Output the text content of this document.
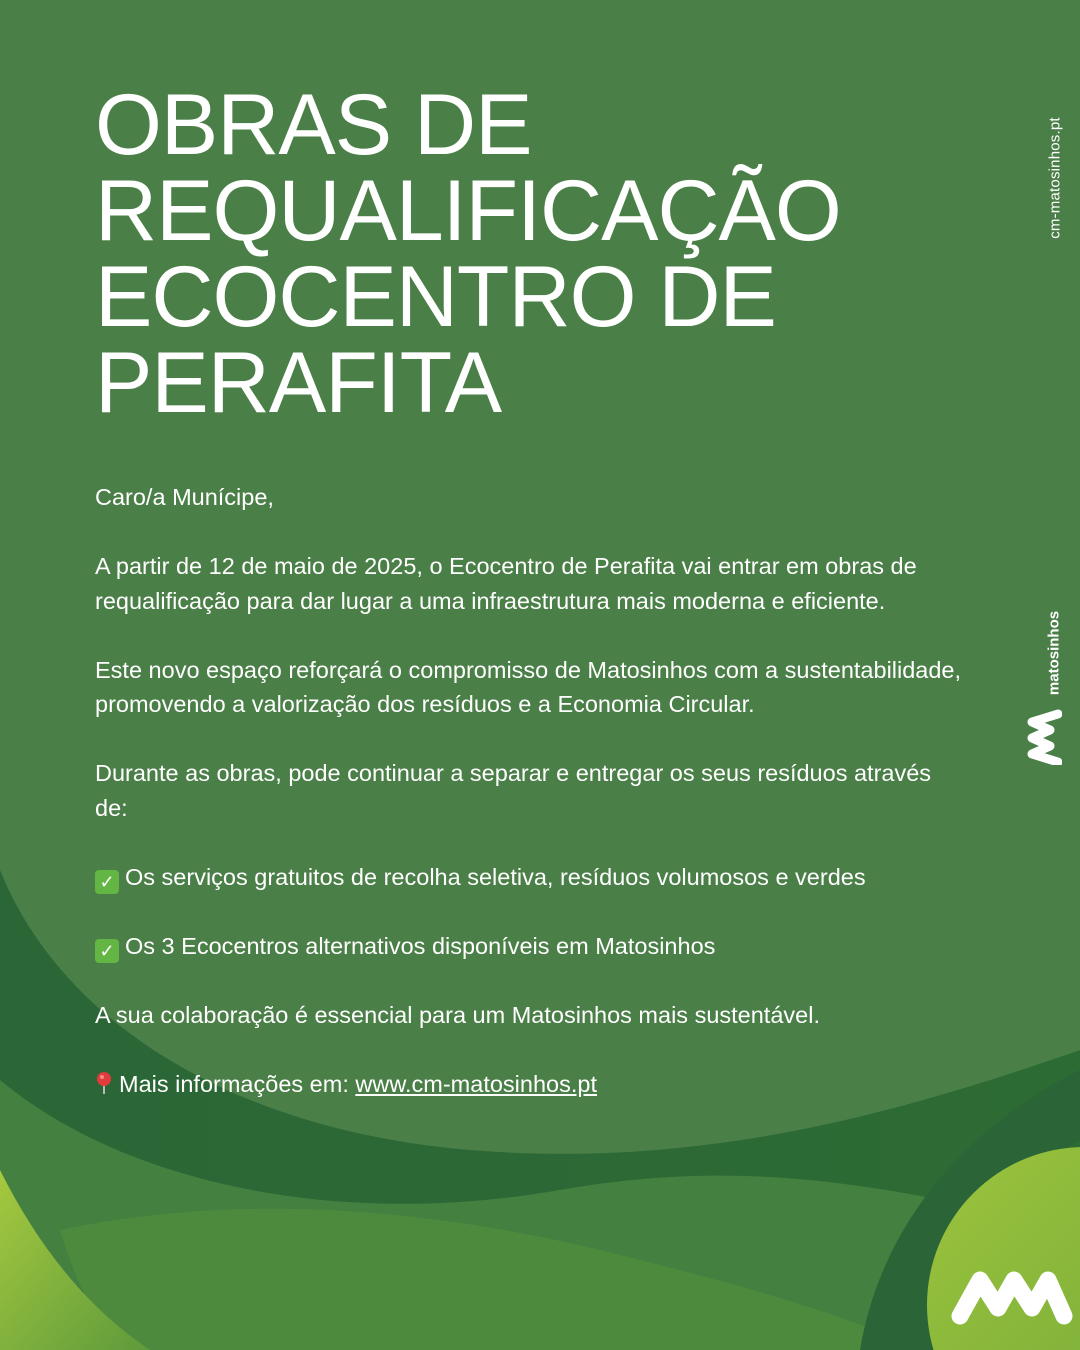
OBRAS DE
REQUALIFICAÇÃO
ECOCENTRO DE
PERAFITA
cm-matosinhos.pt
matosinhos

Caro/a Munícipe,

A partir de 12 de maio de 2025, o Ecocentro de Perafita vai entrar em obras de requalificação para dar lugar a uma infraestrutura mais moderna e eficiente.

Este novo espaço reforçará o compromisso de Matosinhos com a sustentabilidade, promovendo a valorização dos resíduos e a Economia Circular.

Durante as obras, pode continuar a separar e entregar os seus resíduos através de:

✓ Os serviços gratuitos de recolha seletiva, resíduos volumosos e verdes

✓ Os 3 Ecocentros alternativos disponíveis em Matosinhos

A sua colaboração é essencial para um Matosinhos mais sustentável.

Mais informações em: www.cm-matosinhos.pt
